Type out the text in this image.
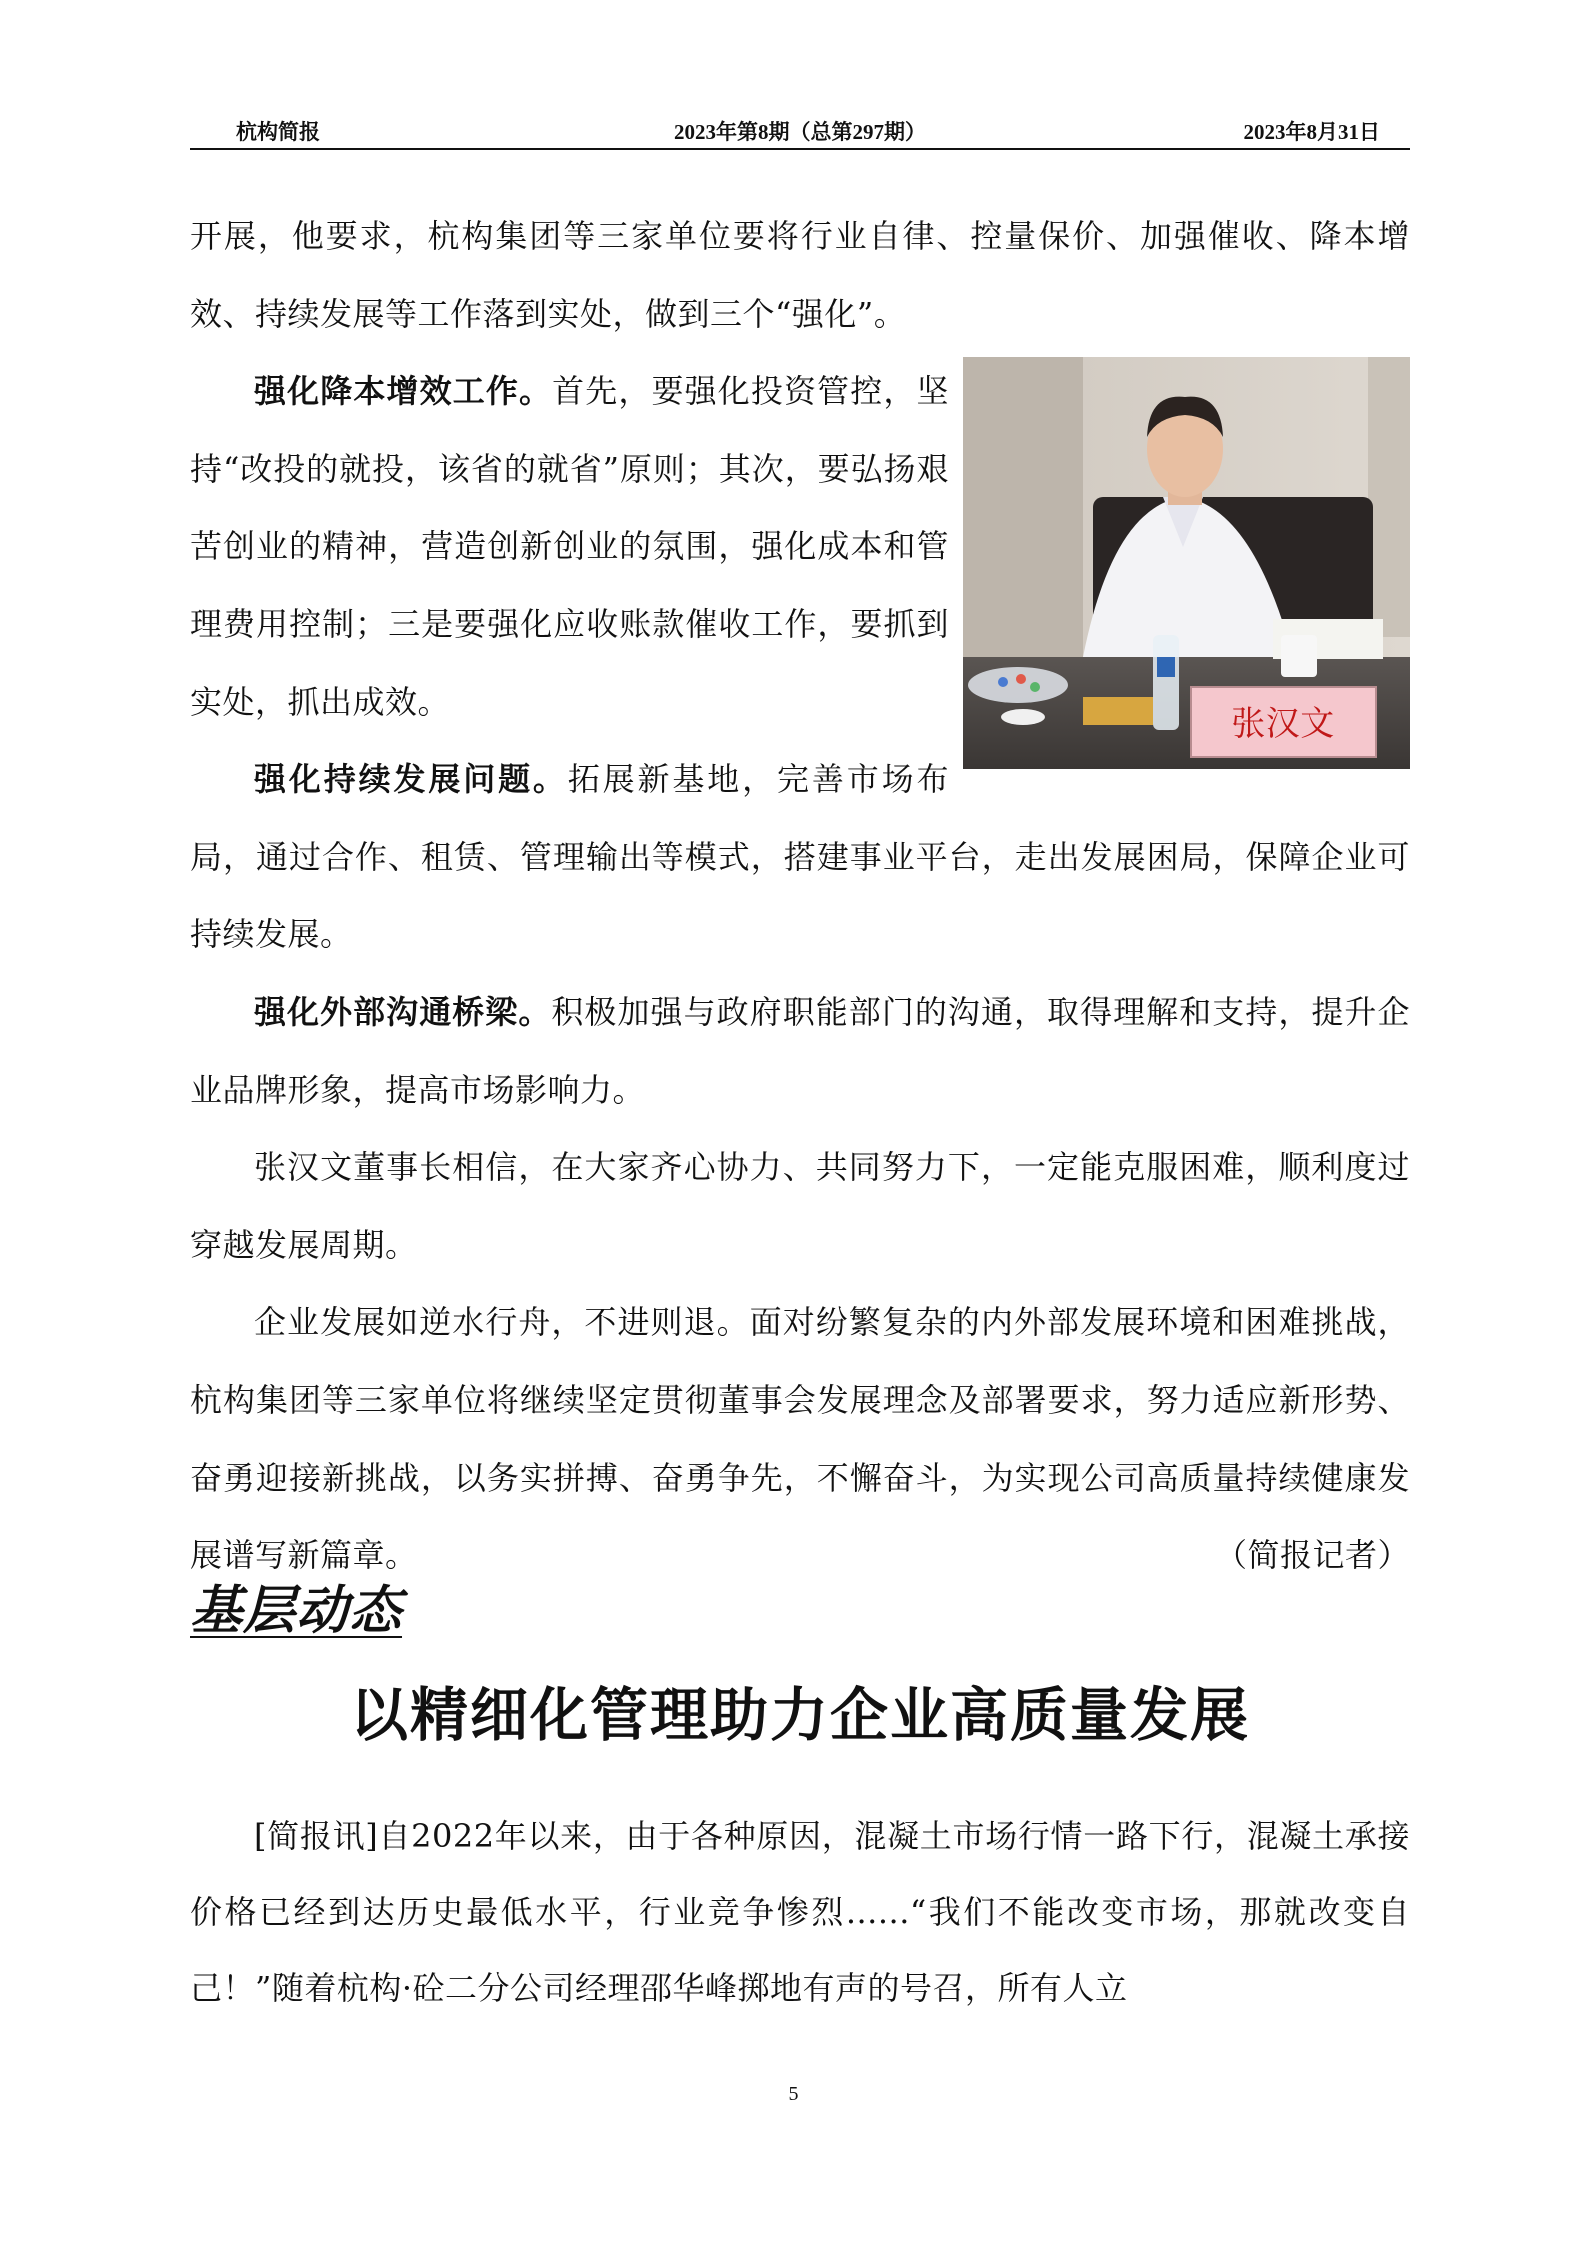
杭构简报	2023年第8期（总第297期）	2023年8月31日

开展，他要求，杭构集团等三家单位要将行业自律、控量保价、加强催收、降本增效、持续发展等工作落到实处，做到三个“强化”。

张汉文

强化降本增效工作。首先，要强化投资管控，坚持“改投的就投，该省的就省”原则；其次，要弘扬艰苦创业的精神，营造创新创业的氛围，强化成本和管理费用控制；三是要强化应收账款催收工作，要抓到实处，抓出成效。

强化持续发展问题。拓展新基地，完善市场布局，通过合作、租赁、管理输出等模式，搭建事业平台，走出发展困局，保障企业可持续发展。

强化外部沟通桥梁。积极加强与政府职能部门的沟通，取得理解和支持，提升企业品牌形象，提高市场影响力。

张汉文董事长相信，在大家齐心协力、共同努力下，一定能克服困难，顺利度过穿越发展周期。

企业发展如逆水行舟，不进则退。面对纷繁复杂的内外部发展环境和困难挑战，杭构集团等三家单位将继续坚定贯彻董事会发展理念及部署要求，努力适应新形势、奋勇迎接新挑战，以务实拼搏、奋勇争先，不懈奋斗，为实现公司高质量持续健康发展谱写新篇章。	（简报记者）

基层动态
以精细化管理助力企业高质量发展

[简报讯]自2022年以来，由于各种原因，混凝土市场行情一路下行，混凝土承接价格已经到达历史最低水平，行业竞争惨烈......“我们不能改变市场，那就改变自己！”随着杭构·砼二分公司经理邵华峰掷地有声的号召，所有人立

5
